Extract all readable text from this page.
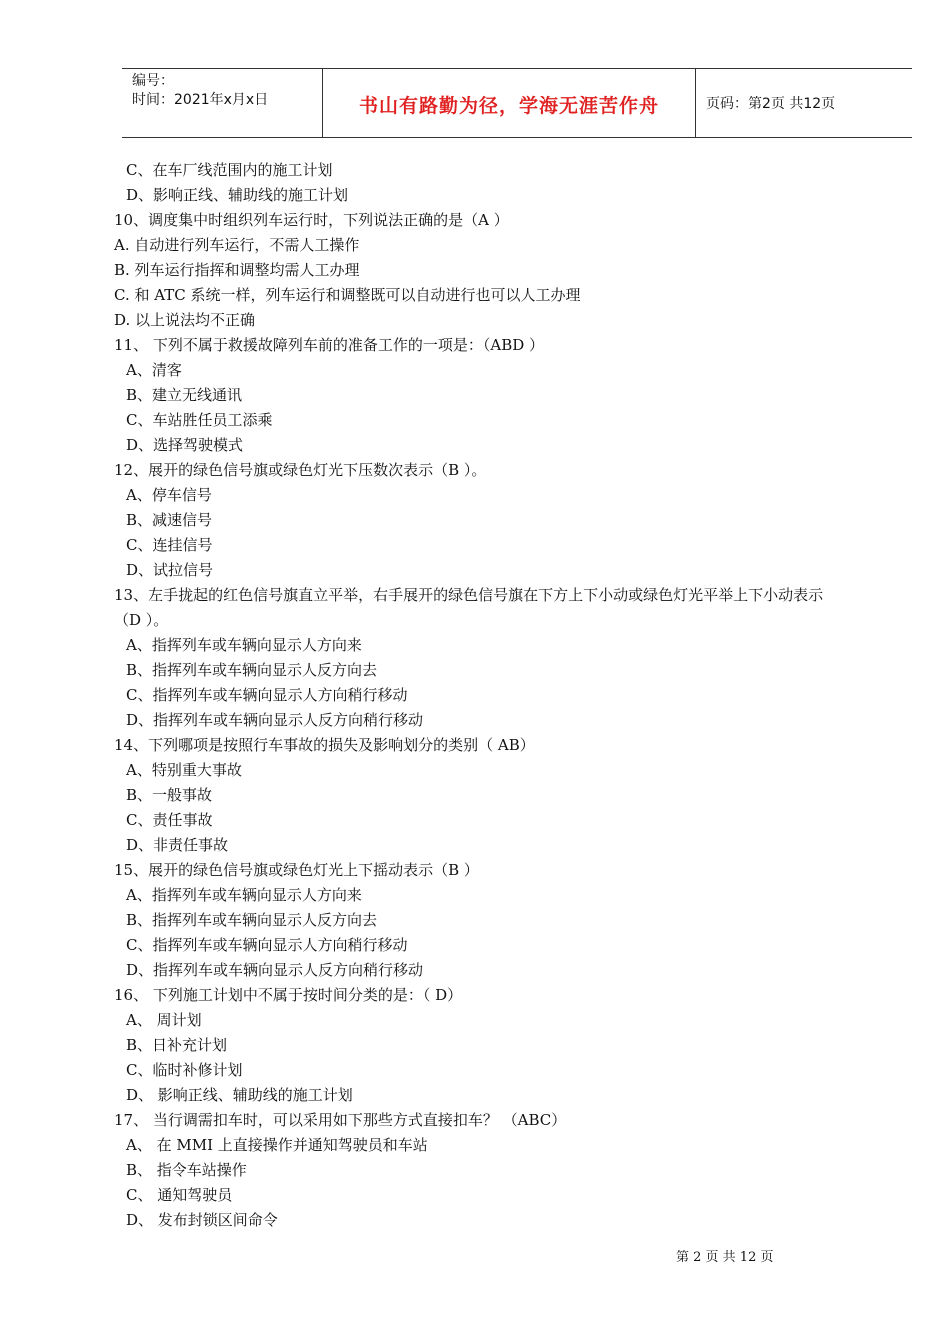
编号：
时间：2021年x月x日	书山有路勤为径，学海无涯苦作舟	页码：第2页 共12页
C、在车厂线范围内的施工计划
D、影响正线、辅助线的施工计划
10、调度集中时组织列车运行时，下列说法正确的是（A ）
A. 自动进行列车运行，不需人工操作
B. 列车运行指挥和调整均需人工办理
C. 和 ATC 系统一样，列车运行和调整既可以自动进行也可以人工办理
D. 以上说法均不正确
11、 下列不属于救援故障列车前的准备工作的一项是：（ABD ）
A、清客
B、建立无线通讯
C、车站胜任员工添乘
D、选择驾驶模式
12、展开的绿色信号旗或绿色灯光下压数次表示（B ）。
A、停车信号
B、减速信号
C、连挂信号
D、试拉信号
13、左手拢起的红色信号旗直立平举，右手展开的绿色信号旗在下方上下小动或绿色灯光平举上下小动表示
（D ）。
A、指挥列车或车辆向显示人方向来
B、指挥列车或车辆向显示人反方向去
C、指挥列车或车辆向显示人方向稍行移动
D、指挥列车或车辆向显示人反方向稍行移动
14、下列哪项是按照行车事故的损失及影响划分的类别（ AB）
A、特别重大事故
B、一般事故
C、责任事故
D、非责任事故
15、展开的绿色信号旗或绿色灯光上下摇动表示（B ）
A、指挥列车或车辆向显示人方向来
B、指挥列车或车辆向显示人反方向去
C、指挥列车或车辆向显示人方向稍行移动
D、指挥列车或车辆向显示人反方向稍行移动
16、 下列施工计划中不属于按时间分类的是：（ D）
A、 周计划
B、日补充计划
C、临时补修计划
D、 影响正线、辅助线的施工计划
17、 当行调需扣车时，可以采用如下那些方式直接扣车？ （ABC）
A、 在 MMI 上直接操作并通知驾驶员和车站
B、 指令车站操作
C、 通知驾驶员
D、 发布封锁区间命令
第 2 页 共 12 页
